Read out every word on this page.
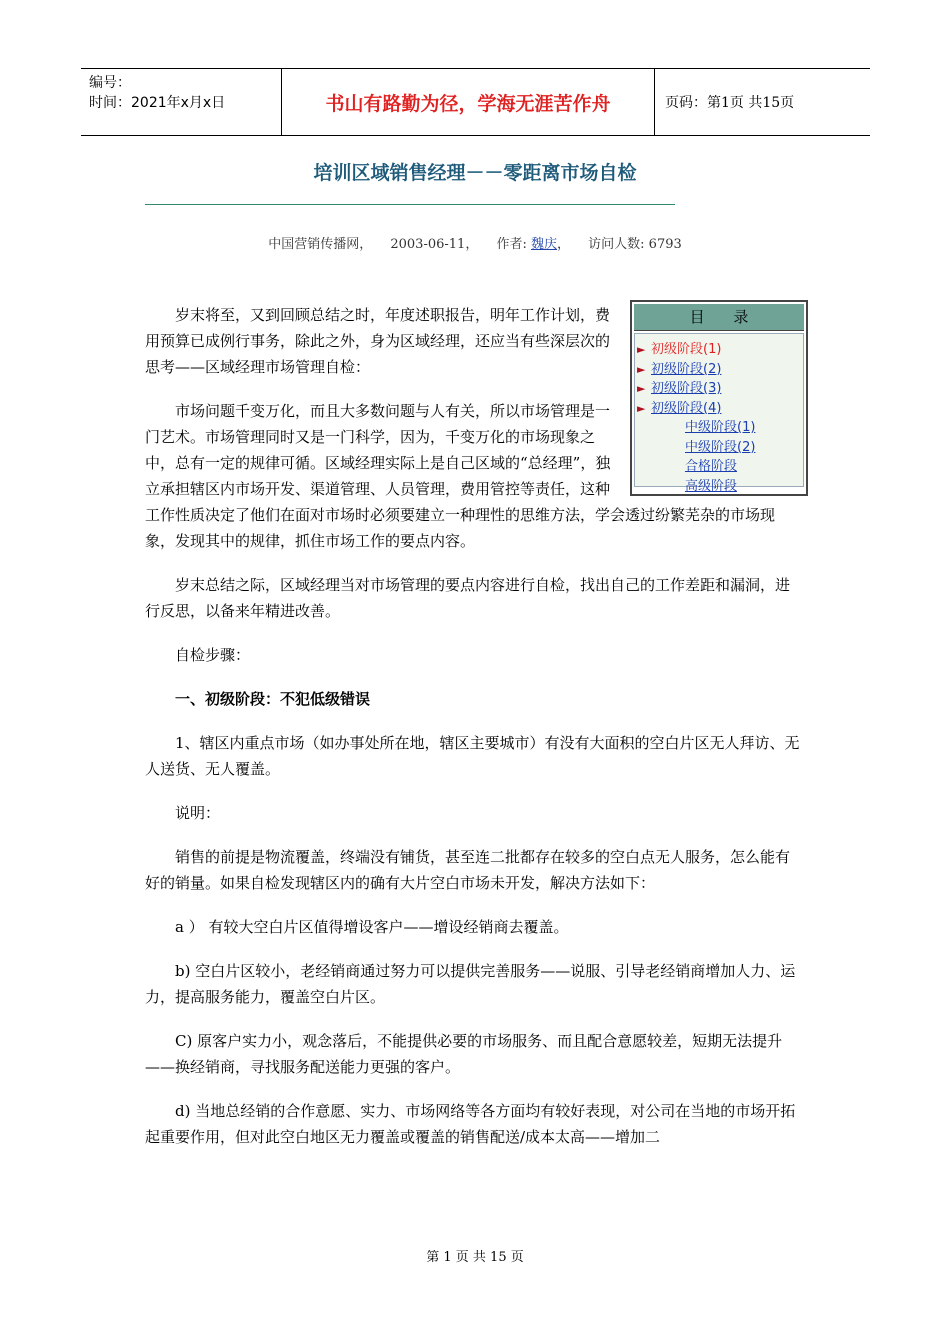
编号：
时间：2021年x月x日	书山有路勤为径，学海无涯苦作舟	页码：第1页 共15页
培训区域销售经理－－零距离市场自检
中国营销传播网， 2003-06-11， 作者: 魏庆， 访问人数: 6793
目 录
► 初级阶段(1)
► 初级阶段(2)
► 初级阶段(3)
► 初级阶段(4)
中级阶段(1)
中级阶段(2)
合格阶段
高级阶段

岁末将至，又到回顾总结之时，年度述职报告，明年工作计划，费用预算已成例行事务，除此之外，身为区域经理，还应当有些深层次的思考——区域经理市场管理自检：

市场问题千变万化，而且大多数问题与人有关，所以市场管理是一门艺术。市场管理同时又是一门科学，因为，千变万化的市场现象之中，总有一定的规律可循。区域经理实际上是自己区域的“总经理”，独立承担辖区内市场开发、渠道管理、人员管理，费用管控等责任，这种工作性质决定了他们在面对市场时必须要建立一种理性的思维方法，学会透过纷繁芜杂的市场现象，发现其中的规律，抓住市场工作的要点内容。

岁末总结之际，区域经理当对市场管理的要点内容进行自检，找出自己的工作差距和漏洞，进行反思，以备来年精进改善。

自检步骤：

一、初级阶段：不犯低级错误

1、辖区内重点市场（如办事处所在地，辖区主要城市）有没有大面积的空白片区无人拜访、无人送货、无人覆盖。

说明：

销售的前提是物流覆盖，终端没有铺货，甚至连二批都存在较多的空白点无人服务，怎么能有好的销量。如果自检发现辖区内的确有大片空白市场未开发，解决方法如下：

a ） 有较大空白片区值得增设客户——增设经销商去覆盖。

b) 空白片区较小，老经销商通过努力可以提供完善服务——说服、引导老经销商增加人力、运力，提高服务能力，覆盖空白片区。

C) 原客户实力小，观念落后，不能提供必要的市场服务、而且配合意愿较差，短期无法提升——换经销商，寻找服务配送能力更强的客户。

d) 当地总经销的合作意愿、实力、市场网络等各方面均有较好表现，对公司在当地的市场开拓起重要作用，但对此空白地区无力覆盖或覆盖的销售配送/成本太高——增加二

第 1 页 共 15 页
